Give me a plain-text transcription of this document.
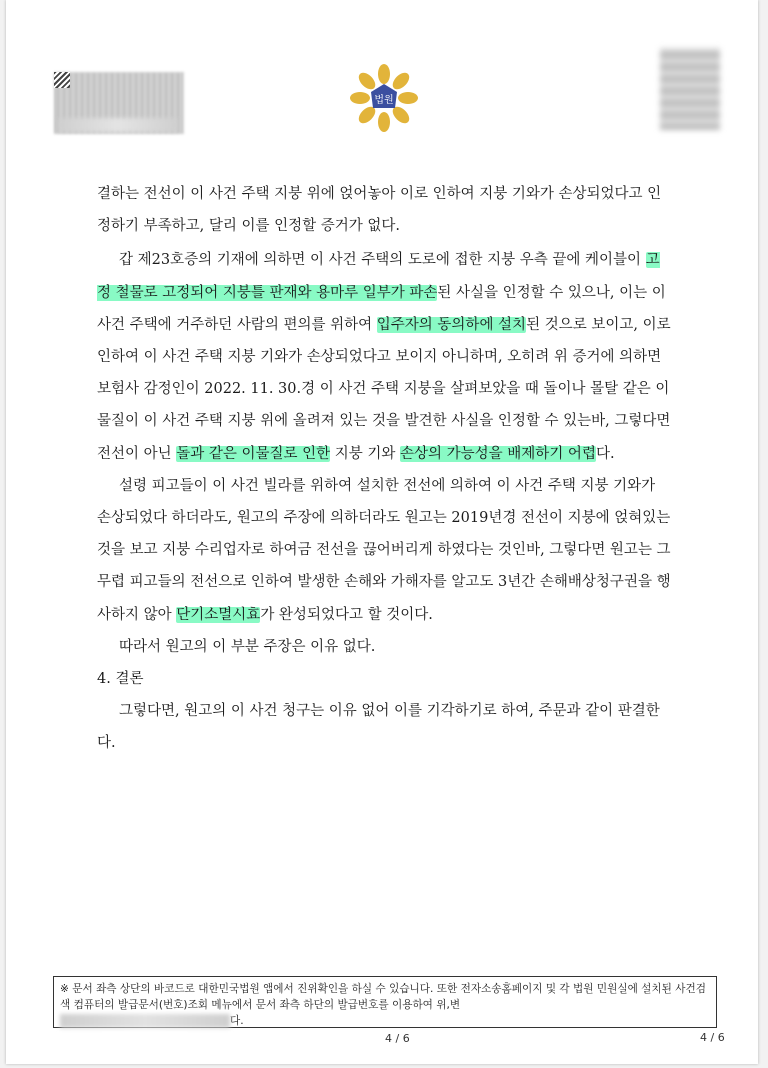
법원

결하는 전선이 이 사건 주택 지붕 위에 얹어놓아 이로 인하여 지붕 기와가 손상되었다고 인정하기 부족하고, 달리 이를 인정할 증거가 없다.

갑 제23호증의 기재에 의하면 이 사건 주택의 도로에 접한 지붕 우측 끝에 케이블이 고정 철물로 고정되어 지붕틀 판재와 용마루 일부가 파손된 사실을 인정할 수 있으나, 이는 이 사건 주택에 거주하던 사람의 편의를 위하여 입주자의 동의하에 설치된 것으로 보이고, 이로 인하여 이 사건 주택 지붕 기와가 손상되었다고 보이지 아니하며, 오히려 위 증거에 의하면 보험사 감정인이 2022. 11. 30.경 이 사건 주택 지붕을 살펴보았을 때 돌이나 몰탈 같은 이물질이 이 사건 주택 지붕 위에 올려져 있는 것을 발견한 사실을 인정할 수 있는바, 그렇다면 전선이 아닌 돌과 같은 이물질로 인한 지붕 기와 손상의 가능성을 배제하기 어렵다.

설령 피고들이 이 사건 빌라를 위하여 설치한 전선에 의하여 이 사건 주택 지붕 기와가 손상되었다 하더라도, 원고의 주장에 의하더라도 원고는 2019년경 전선이 지붕에 얹혀있는 것을 보고 지붕 수리업자로 하여금 전선을 끊어버리게 하였다는 것인바, 그렇다면 원고는 그 무렵 피고들의 전선으로 인하여 발생한 손해와 가해자를 알고도 3년간 손해배상청구권을 행사하지 않아 단기소멸시효가 완성되었다고 할 것이다.

따라서 원고의 이 부분 주장은 이유 없다.

4. 결론

그렇다면, 원고의 이 사건 청구는 이유 없어 이를 기각하기로 하여, 주문과 같이 판결한다.

※ 문서 좌측 상단의 바코드로 대한민국법원 앱에서 진위확인을 하실 수 있습니다. 또한 전자소송홈페이지 및 각 법원 민원실에 설치된 사건검색 컴퓨터의 발급문서(번호)조회 메뉴에서 문서 좌측 하단의 발급번호를 이용하여 위,변
다.
4 / 6	4 / 6
